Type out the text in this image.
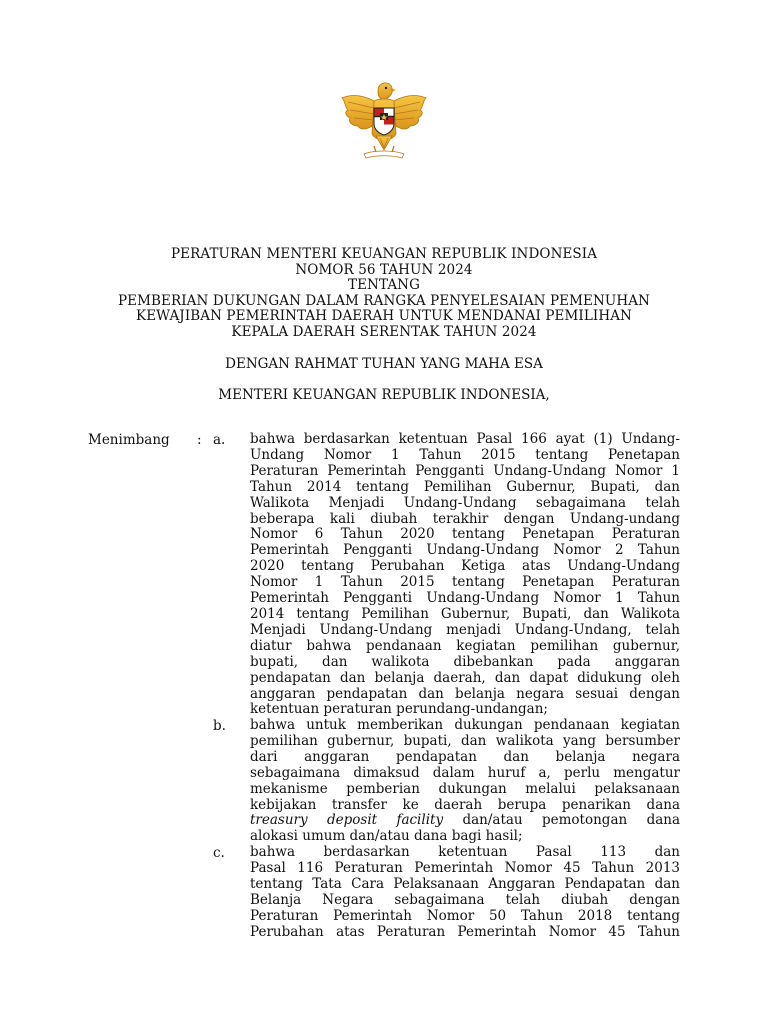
PERATURAN MENTERI KEUANGAN REPUBLIK INDONESIA
NOMOR 56 TAHUN 2024
TENTANG
PEMBERIAN DUKUNGAN DALAM RANGKA PENYELESAIAN PEMENUHAN
KEWAJIBAN PEMERINTAH DAERAH UNTUK MENDANAI PEMILIHAN
KEPALA DAERAH SERENTAK TAHUN 2024
DENGAN RAHMAT TUHAN YANG MAHA ESA
MENTERI KEUANGAN REPUBLIK INDONESIA,
Menimbang : a. bahwa berdasarkan ketentuan Pasal 166 ayat (1) Undang-
Undang Nomor 1 Tahun 2015 tentang Penetapan
Peraturan Pemerintah Pengganti Undang-Undang Nomor 1
Tahun 2014 tentang Pemilihan Gubernur, Bupati, dan
Walikota Menjadi Undang-Undang sebagaimana telah
beberapa kali diubah terakhir dengan Undang-undang
Nomor 6 Tahun 2020 tentang Penetapan Peraturan
Pemerintah Pengganti Undang-Undang Nomor 2 Tahun
2020 tentang Perubahan Ketiga atas Undang-Undang
Nomor 1 Tahun 2015 tentang Penetapan Peraturan
Pemerintah Pengganti Undang-Undang Nomor 1 Tahun
2014 tentang Pemilihan Gubernur, Bupati, dan Walikota
Menjadi Undang-Undang menjadi Undang-Undang, telah
diatur bahwa pendanaan kegiatan pemilihan gubernur,
bupati, dan walikota dibebankan pada anggaran
pendapatan dan belanja daerah, dan dapat didukung oleh
anggaran pendapatan dan belanja negara sesuai dengan
ketentuan peraturan perundang-undangan;
b. bahwa untuk memberikan dukungan pendanaan kegiatan
pemilihan gubernur, bupati, dan walikota yang bersumber
dari anggaran pendapatan dan belanja negara
sebagaimana dimaksud dalam huruf a, perlu mengatur
mekanisme pemberian dukungan melalui pelaksanaan
kebijakan transfer ke daerah berupa penarikan dana
treasury deposit facility dan/atau pemotongan dana
alokasi umum dan/atau dana bagi hasil;
c. bahwa berdasarkan ketentuan Pasal 113 dan
Pasal 116 Peraturan Pemerintah Nomor 45 Tahun 2013
tentang Tata Cara Pelaksanaan Anggaran Pendapatan dan
Belanja Negara sebagaimana telah diubah dengan
Peraturan Pemerintah Nomor 50 Tahun 2018 tentang
Perubahan atas Peraturan Pemerintah Nomor 45 Tahun
